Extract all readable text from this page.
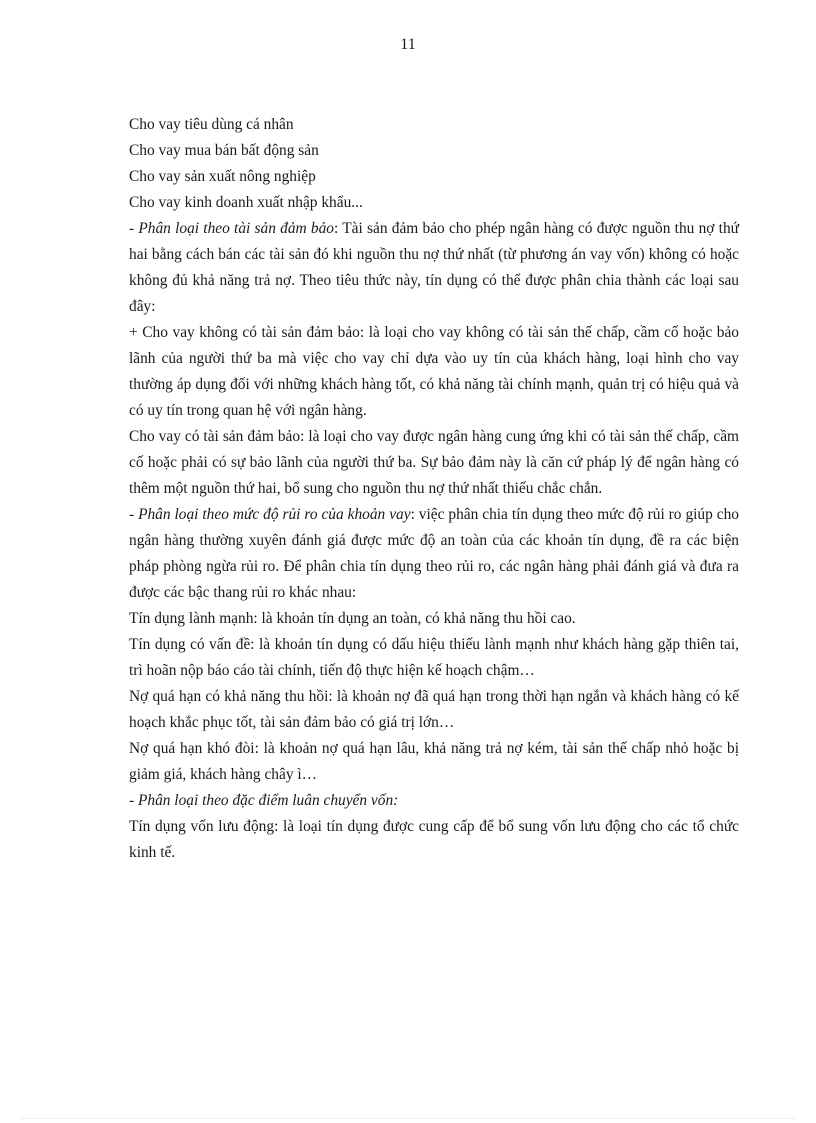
11

Cho vay tiêu dùng cá nhân

Cho vay mua bán bất động sản

Cho vay sản xuất nông nghiệp

Cho vay kinh doanh xuất nhập khẩu...

- Phân loại theo tài sản đảm bảo: Tài sản đảm bảo cho phép ngân hàng có được nguồn thu nợ thứ hai bằng cách bán các tài sản đó khi nguồn thu nợ thứ nhất (từ phương án vay vốn) không có hoặc không đủ khả năng trả nợ. Theo tiêu thức này, tín dụng có thể được phân chia thành các loại sau đây:

+ Cho vay không có tài sản đảm bảo: là loại cho vay không có tài sản thế chấp, cầm cố hoặc bảo lãnh của người thứ ba mà việc cho vay chỉ dựa vào uy tín của khách hàng, loại hình cho vay thường áp dụng đối với những khách hàng tốt, có khả năng tài chính mạnh, quản trị có hiệu quả và có uy tín trong quan hệ với ngân hàng.

Cho vay có tài sản đảm bảo: là loại cho vay được ngân hàng cung ứng khi có tài sản thế chấp, cầm cố hoặc phải có sự bảo lãnh của người thứ ba. Sự bảo đảm này là căn cứ pháp lý để ngân hàng có thêm một nguồn thứ hai, bổ sung cho nguồn thu nợ thứ nhất thiếu chắc chắn.

- Phân loại theo mức độ rủi ro của khoản vay: việc phân chia tín dụng theo mức độ rủi ro giúp cho ngân hàng thường xuyên đánh giá được mức độ an toàn của các khoản tín dụng, đề ra các biện pháp phòng ngừa rủi ro. Để phân chia tín dụng theo rủi ro, các ngân hàng phải đánh giá và đưa ra được các bậc thang rủi ro khác nhau:

Tín dụng lành mạnh: là khoản tín dụng an toàn, có khả năng thu hồi cao.

Tín dụng có vấn đề: là khoản tín dụng có dấu hiệu thiếu lành mạnh như khách hàng gặp thiên tai, trì hoãn nộp báo cáo tài chính, tiến độ thực hiện kế hoạch chậm…

Nợ quá hạn có khả năng thu hồi: là khoản nợ đã quá hạn trong thời hạn ngắn và khách hàng có kế hoạch khắc phục tốt, tài sản đảm bảo có giá trị lớn…

Nợ quá hạn khó đòi: là khoản nợ quá hạn lâu, khả năng trả nợ kém, tài sản thế chấp nhỏ hoặc bị giảm giá, khách hàng chây ì…

- Phân loại theo đặc điểm luân chuyển vốn:

Tín dụng vốn lưu động: là loại tín dụng được cung cấp để bổ sung vốn lưu động cho các tổ chức kinh tế.
